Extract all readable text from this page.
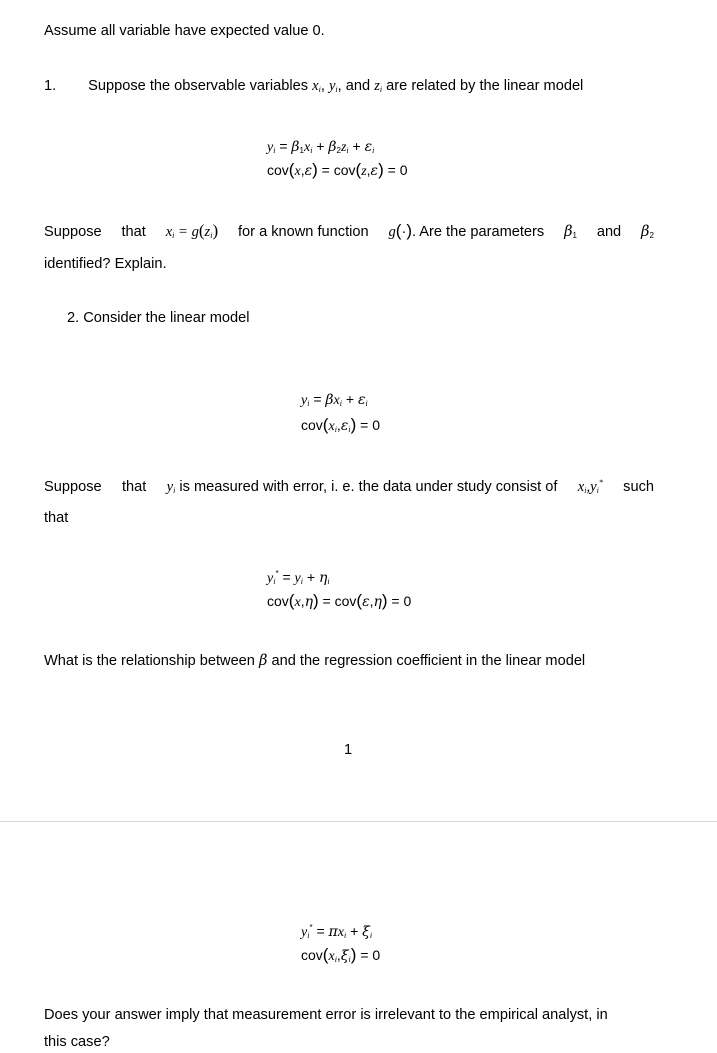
Assume all variable have expected value 0.
1. Suppose the observable variables $x_i$, $y_i$, and $z_i$ are related by the linear model
$y_i = \beta_1x_i + \beta_2z_i + \varepsilon_i$
cov(x,ε) = cov(z,ε) = 0
Suppose that $x_i = g(z_i)$ for a known function g(·). Are the parameters $\beta_1$ and $\beta_2$
identified? Explain.
2. Consider the linear model
$y_i = \beta x_i + \varepsilon_i$
$cov(x_i,\varepsilon_i) = 0$
Suppose that $y_i$ is measured with error, i. e. the data under study consist of $x_i,y_i^*$ such
that
$y_i^* = y_i + \eta_i$
cov(x,η) = cov(ε,η) = 0
What is the relationship between β and the regression coefficient in the linear model
1
$y_i^* = \pi x_i + \xi_i$
$cov(x_i,\xi_i) = 0$
Does your answer imply that measurement error is irrelevant to the empirical analyst, in
this case?
